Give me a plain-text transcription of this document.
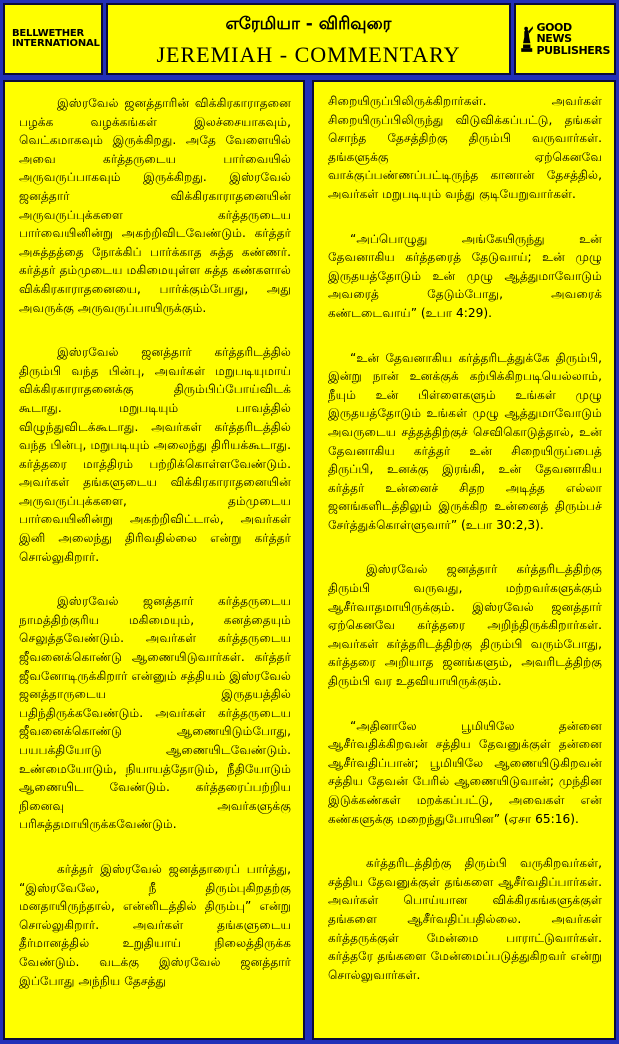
BELLWETHER
INTERNATIONAL
எரேமியா - விரிவுரை
JEREMIAH - COMMENTARY
GOOD NEWS
PUBLISHERS

இஸ்ரவேல் ஜனத்தாரின் விக்கிரகாராதனை பழக்க வழக்கங்கள் இலச்சையாகவும், வெட்கமாகவும் இருக்கிறது. அதே வேளையில் அவை கர்த்தருடைய பார்வையில் அருவருப்பாகவும் இருக்கிறது. இஸ்ரவேல் ஜனத்தார் விக்கிரகாராதனையின் அருவருப்புக்களை கர்த்தருடைய பார்வையினின்று அகற்றிவிடவேண்டும். கர்த்தர் அசுத்தத்தை நோக்கிப் பார்க்காத சுத்த கண்ணர். கர்த்தர் தம்முடைய மகிமையுள்ள சுத்த கண்களால் விக்கிரகாராதனையை, பார்க்கும்போது, அது அவருக்கு அருவருப்பாயிருக்கும்.

இஸ்ரவேல் ஜனத்தார் கர்த்தரிடத்தில் திரும்பி வந்த பின்பு, அவர்கள் மறுபடியுமாய் விக்கிரகாராதனைக்கு திரும்பிப்போய்விடக் கூடாது. மறுபடியும் பாவத்தில் விழுந்துவிடக்கூடாது. அவர்கள் கர்த்தரிடத்தில் வந்த பின்பு, மறுபடியும் அலைந்து திரியக்கூடாது. கர்த்தரை மாத்திரம் பற்றிக்கொள்ளவேண்டும். அவர்கள் தங்களுடைய விக்கிரகாராதனையின் அருவருப்புக்களை, தம்முடைய பார்வையினின்று அகற்றிவிட்டால், அவர்கள் இனி அலைந்து திரிவதில்லை என்று கர்த்தர் சொல்லுகிறார்.

இஸ்ரவேல் ஜனத்தார் கர்த்தருடைய நாமத்திற்குரிய மகிமையும், கனத்தையும் செலுத்தவேண்டும். அவர்கள் கர்த்தருடைய ஜீவனைக்கொண்டு ஆணையிடுவார்கள். கர்த்தர் ஜீவனோடிருக்கிறார் என்னும் சத்தியம் இஸ்ரவேல் ஜனத்தாருடைய இருதயத்தில் பதிந்திருக்கவேண்டும். அவர்கள் கர்த்தருடைய ஜீவனைக்கொண்டு ஆணையிடும்போது, பயபக்தியோடு ஆணையிடவேண்டும். உண்மையோடும், நியாயத்தோடும், நீதியோடும் ஆணையிட வேண்டும். கர்த்தரைப்பற்றிய நினைவு அவர்களுக்கு பரிசுத்தமாயிருக்கவேண்டும்.

கர்த்தர் இஸ்ரவேல் ஜனத்தாரைப் பார்த்து, “இஸ்ரவேலே, நீ திரும்புகிறதற்கு மனதாயிருந்தால், என்னிடத்தில் திரும்பு” என்று சொல்லுகிறார். அவர்கள் தங்களுடைய தீர்மானத்தில் உறுதியாய் நிலைத்திருக்க வேண்டும். வடக்கு இஸ்ரவேல் ஜனத்தார் இப்போது அந்நிய தேசத்து

சிறையிருப்பிலிருக்கிறார்கள். அவர்கள் சிறையிருப்பிலிருந்து விடுவிக்கப்பட்டு, தங்கள் சொந்த தேசத்திற்கு திரும்பி வருவார்கள். தங்களுக்கு ஏற்கெனவே வாக்குப்பண்ணப்பட்டிருந்த கானான் தேசத்தில், அவர்கள் மறுபடியும் வந்து குடியேறுவார்கள்.

“அப்பொழுது அங்கேயிருந்து உன் தேவனாகிய கர்த்தரைத் தேடுவாய்; உன் முழு இருதயத்தோடும் உன் முழு ஆத்துமாவோடும் அவரைத் தேடும்போது, அவரைக் கண்டடைவாய்” (உபா 4:29).

“உன் தேவனாகிய கர்த்தரிடத்துக்கே திரும்பி, இன்று நான் உனக்குக் கற்பிக்கிறபடியெல்லாம், நீயும் உன் பிள்ளைகளும் உங்கள் முழு இருதயத்தோடும் உங்கள் முழு ஆத்துமாவோடும் அவருடைய சத்தத்திற்குச் செவிகொடுத்தால், உன் தேவனாகிய கர்த்தர் உன் சிறையிருப்பைத் திருப்பி, உனக்கு இரங்கி, உன் தேவனாகிய கர்த்தர் உன்னைச் சிதற அடித்த எல்லா ஜனங்களிடத்திலும் இருக்கிற உன்னைத் திரும்பச் சேர்த்துக்கொள்ளுவார்” (உபா 30:2,3).

இஸ்ரவேல் ஜனத்தார் கர்த்தரிடத்திற்கு திரும்பி வருவது, மற்றவர்களுக்கும் ஆசீர்வாதமாயிருக்கும். இஸ்ரவேல் ஜனத்தார் ஏற்கெனவே கர்த்தரை அறிந்திருக்கிறார்கள். அவர்கள் கர்த்தரிடத்திற்கு திரும்பி வரும்போது, கர்த்தரை அறியாத ஜனங்களும், அவரிடத்திற்கு திரும்பி வர உதவியாயிருக்கும்.

“அதினாலே பூமியிலே தன்னை ஆசீர்வதிக்கிறவன் சத்திய தேவனுக்குள் தன்னை ஆசீர்வதிப்பான்; பூமியிலே ஆணையிடுகிறவன் சத்திய தேவன் பேரில் ஆணையிடுவான்; முந்தின இடுக்கண்கள் மறக்கப்பட்டு, அவைகள் என் கண்களுக்கு மறைந்துபோயின” (ஏசா 65:16).

கர்த்தரிடத்திற்கு திரும்பி வருகிறவர்கள், சத்திய தேவனுக்குள் தங்களை ஆசீர்வதிப்பார்கள். அவர்கள் பொய்யான விக்கிரகங்களுக்குள் தங்களை ஆசீர்வதிப்பதில்லை. அவர்கள் கர்த்தருக்குள் மேன்மை பாராட்டுவார்கள். கர்த்தரே தங்களை மேன்மைப்படுத்துகிறவர் என்று சொல்லுவார்கள்.
